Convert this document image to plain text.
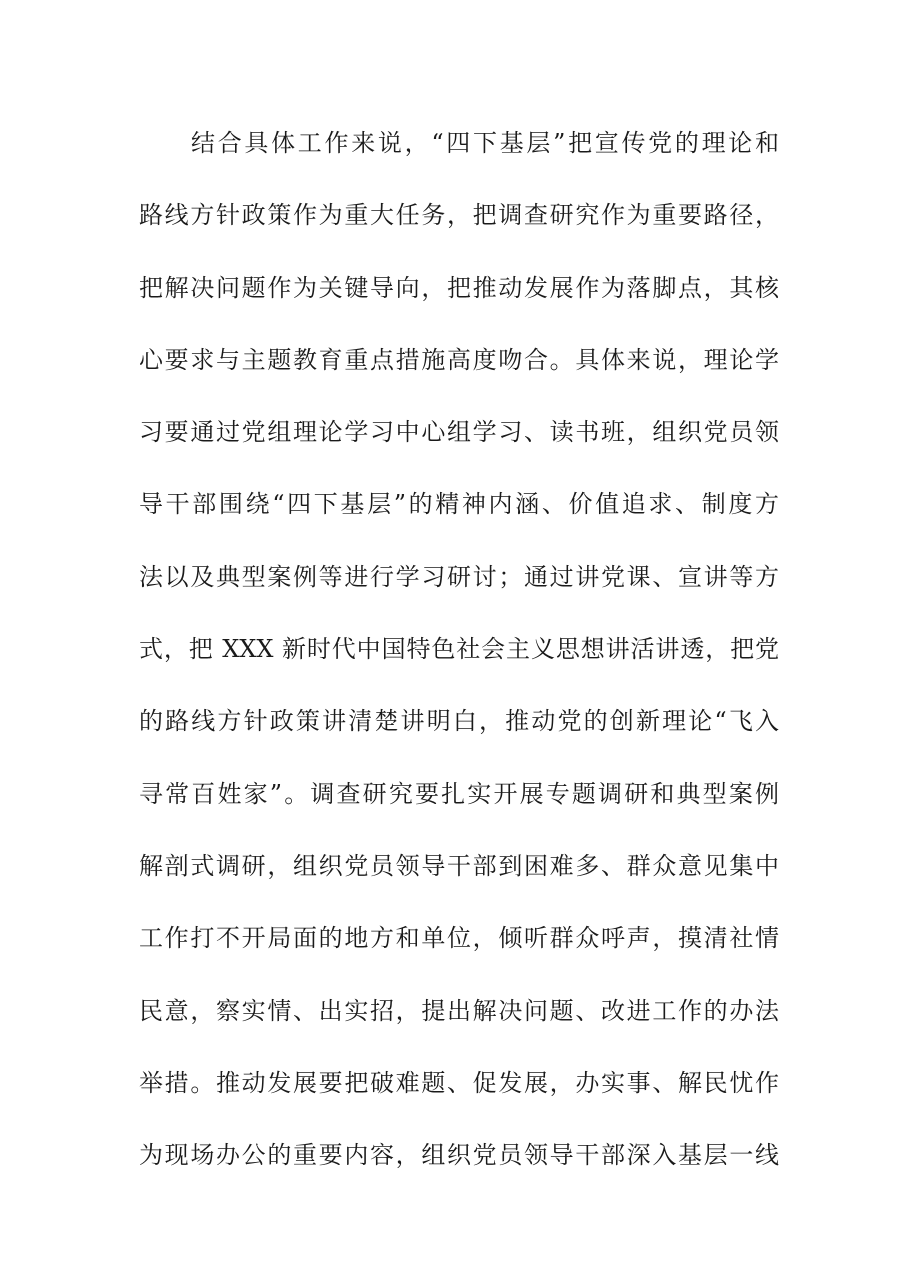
结合具体工作来说，“四下基层”把宣传党的理论和
路线方针政策作为重大任务，把调查研究作为重要路径，
把解决问题作为关键导向，把推动发展作为落脚点，其核
心要求与主题教育重点措施高度吻合。具体来说，理论学
习要通过党组理论学习中心组学习、读书班，组织党员领
导干部围绕“四下基层”的精神内涵、价值追求、制度方
法以及典型案例等进行学习研讨；通过讲党课、宣讲等方
式，把 XXX 新时代中国特色社会主义思想讲活讲透，把党
的路线方针政策讲清楚讲明白，推动党的创新理论“飞入
寻常百姓家”。调查研究要扎实开展专题调研和典型案例
解剖式调研，组织党员领导干部到困难多、群众意见集中
工作打不开局面的地方和单位，倾听群众呼声，摸清社情
民意，察实情、出实招，提出解决问题、改进工作的办法
举措。推动发展要把破难题、促发展，办实事、解民忧作
为现场办公的重要内容，组织党员领导干部深入基层一线
